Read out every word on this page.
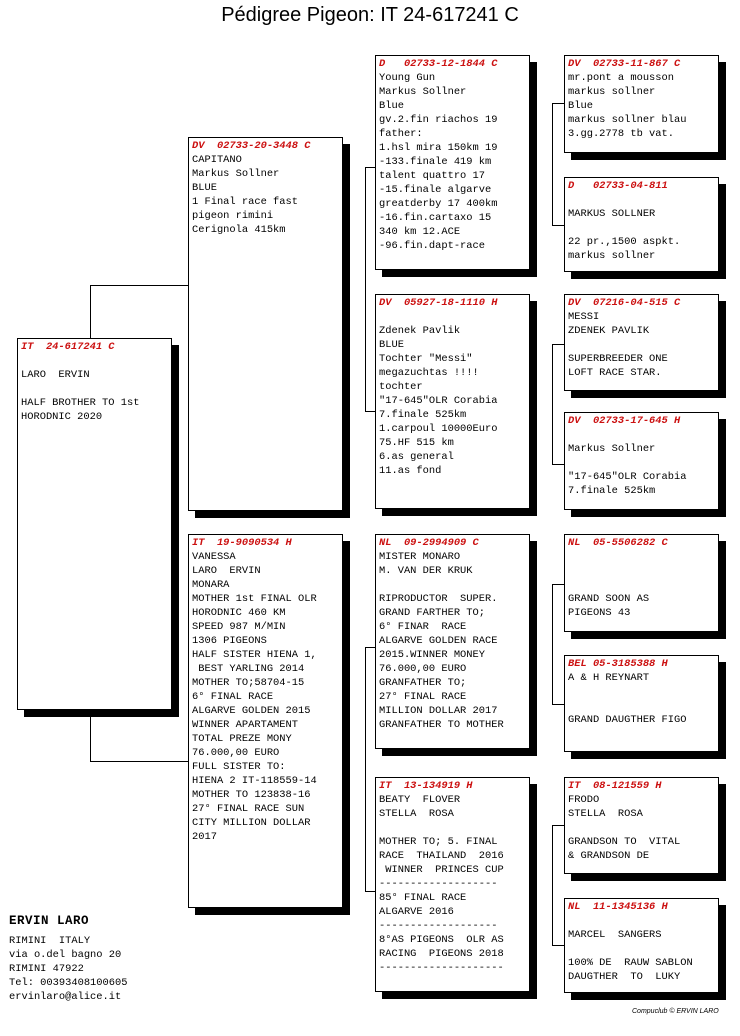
Pédigree Pigeon: IT 24-617241 C
IT  24-617241 C
LARO  ERVIN
HALF BROTHER TO 1st
HORODNIC 2020
DV  02733-20-3448 C
CAPITANO
Markus Sollner
BLUE
1 Final race fast
pigeon rimini
Cerignola 415km
IT  19-9090534 H
VANESSA
LARO  ERVIN
MONARA
MOTHER 1st FINAL OLR
HORODNIC 460 KM
SPEED 987 M/MIN
1306 PIGEONS
HALF SISTER HIENA 1,
BEST YARLING 2014
MOTHER TO;58704-15
6° FINAL RACE
ALGARVE GOLDEN 2015
WINNER APARTAMENT
TOTAL PREZE MONY
76.000,00 EURO
FULL SISTER TO:
HIENA 2 IT-118559-14
MOTHER TO 123838-16
27° FINAL RACE SUN
CITY MILLION DOLLAR
2017
D   02733-12-1844 C
Young Gun
Markus Sollner
Blue
gv.2.fin riachos 19
father:
1.hsl mira 150km 19
-133.finale 419 km
talent quattro 17
-15.finale algarve
greatderby 17 400km
-16.fin.cartaxo 15
340 km 12.ACE
-96.fin.dapt-race
DV  05927-18-1110 H
Zdenek Pavlik
BLUE
Tochter "Messi"
megazuchtas !!!!
tochter
"17-645"OLR Corabia
7.finale 525km
1.carpoul 10000Euro
75.HF 515 km
6.as general
11.as fond
NL  09-2994909 C
MISTER MONARO
M. VAN DER KRUK
RIPRODUCTOR  SUPER.
GRAND FARTHER TO;
6° FINAR  RACE
ALGARVE GOLDEN RACE
2015.WINNER MONEY
76.000,00 EURO
GRANFATHER TO;
27° FINAL RACE
MILLION DOLLAR 2017
GRANFATHER TO MOTHER
IT  13-134919 H
BEATY  FLOVER
STELLA  ROSA
MOTHER TO; 5. FINAL
RACE  THAILAND  2016
WINNER  PRINCES CUP
-------------------
85° FINAL RACE
ALGARVE 2016
-------------------
8°AS PIGEONS  OLR AS
RACING  PIGEONS 2018
--------------------
DV  02733-11-867 C
mr.pont a mousson
markus sollner
Blue
markus sollner blau
3.gg.2778 tb vat.
D   02733-04-811
MARKUS SOLLNER
22 pr.,1500 aspkt.
markus sollner
DV  07216-04-515 C
MESSI
ZDENEK PAVLIK
SUPERBREEDER ONE
LOFT RACE STAR.
DV  02733-17-645 H
Markus Sollner
"17-645"OLR Corabia
7.finale 525km
NL  05-5506282 C
GRAND SOON AS
PIGEONS 43
BEL 05-3185388 H
A & H REYNART
GRAND DAUGTHER FIGO
IT  08-121559 H
FRODO
STELLA  ROSA
GRANDSON TO  VITAL
& GRANDSON DE
NL  11-1345136 H
MARCEL  SANGERS
100% DE  RAUW SABLON
DAUGTHER  TO  LUKY
ERVIN LARO
RIMINI  ITALY
via o.del bagno 20
RIMINI 47922
Tel: 00393408100605
ervinlaro@alice.it
Compuclub © ERVIN LARO
